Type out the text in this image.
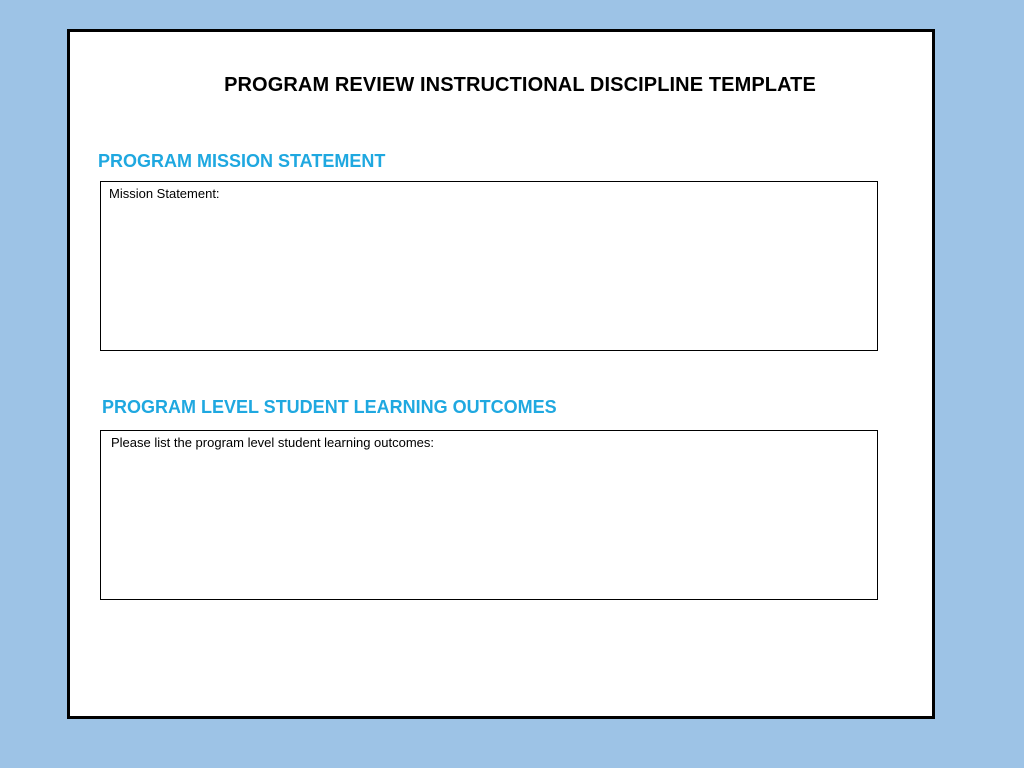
PROGRAM REVIEW INSTRUCTIONAL DISCIPLINE TEMPLATE
PROGRAM MISSION STATEMENT
Mission Statement:
PROGRAM LEVEL STUDENT LEARNING OUTCOMES
Please list the program level student learning outcomes:
